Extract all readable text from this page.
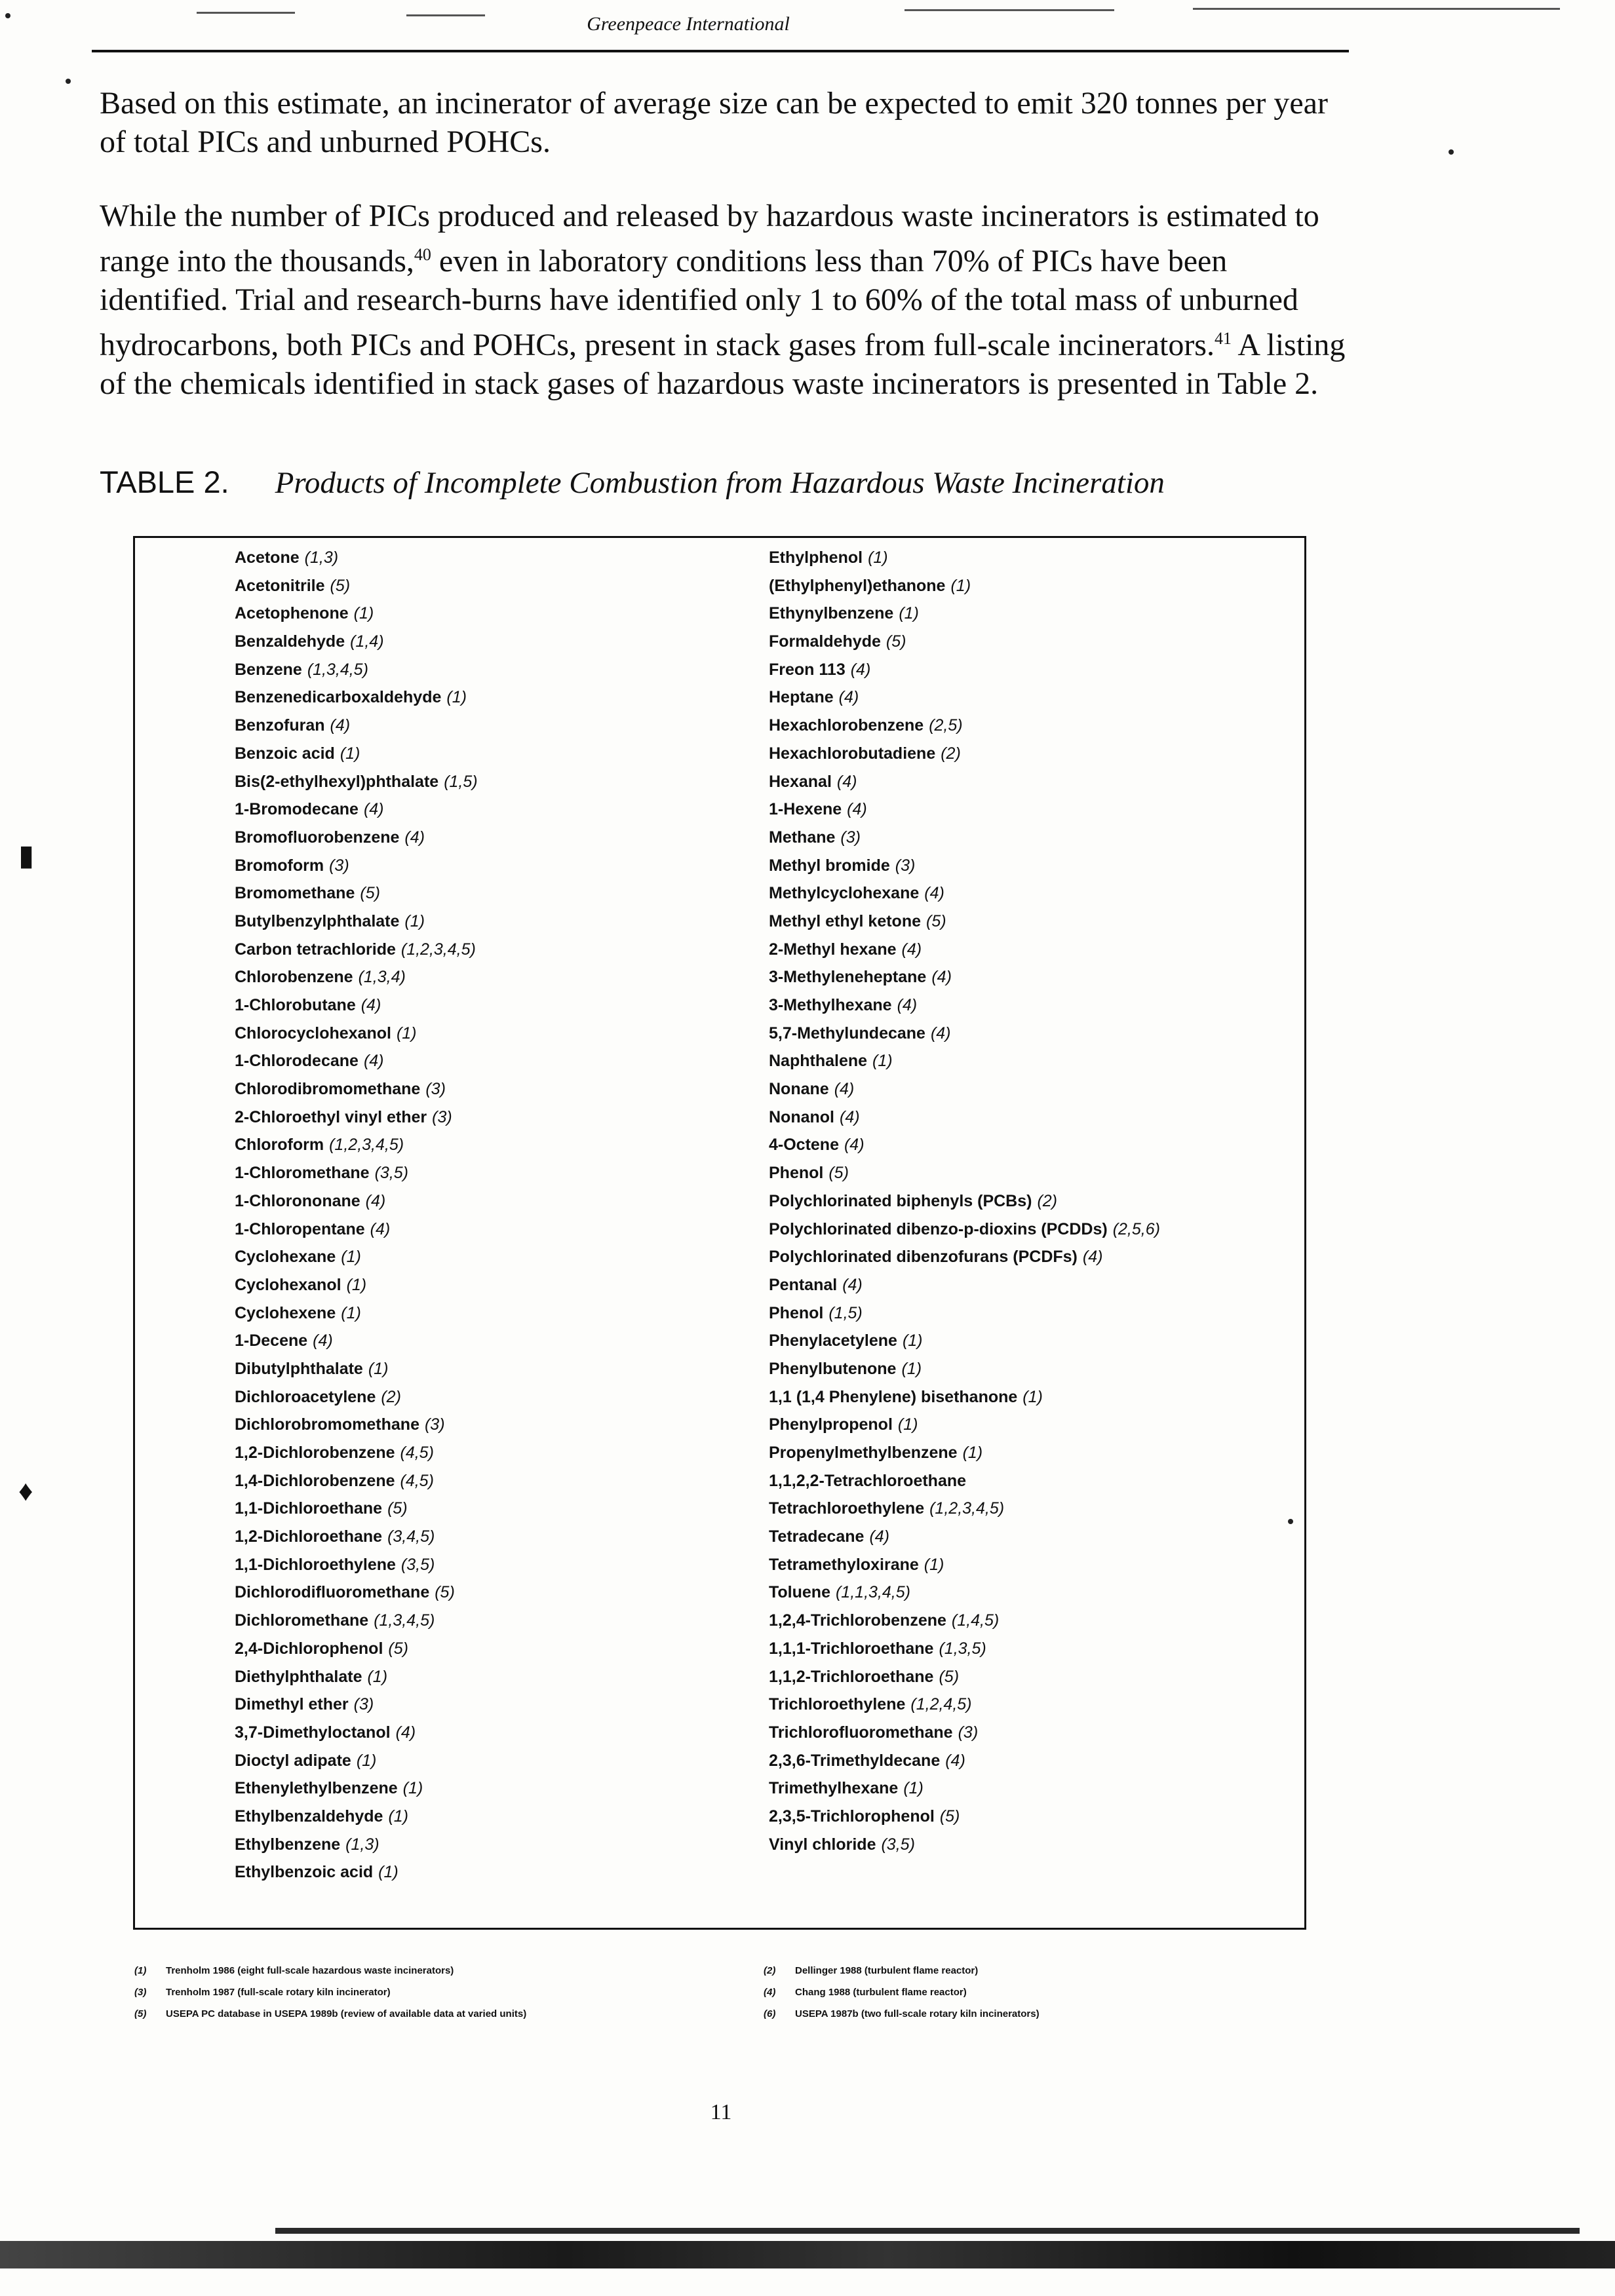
Greenpeace International

Based on this estimate, an incinerator of average size can be expected to emit 320 tonnes per year of total PICs and unburned POHCs.

While the number of PICs produced and released by hazardous waste incinerators is estimated to range into the thousands,$^{40}$ even in laboratory conditions less than 70% of PICs have been identified. Trial and research-burns have identified only 1 to 60% of the total mass of unburned hydrocarbons, both PICs and POHCs, present in stack gases from full-scale incinerators.$^{41}$ A listing of the chemicals identified in stack gases of hazardous waste incinerators is presented in Table 2.

TABLE 2. Products of Incomplete Combustion from Hazardous Waste Incineration
Acetone (1,3)
Acetonitrile (5)
Acetophenone (1)
Benzaldehyde (1,4)
Benzene (1,3,4,5)
Benzenedicarboxaldehyde (1)
Benzofuran (4)
Benzoic acid (1)
Bis(2-ethylhexyl)phthalate (1,5)
1-Bromodecane (4)
Bromofluorobenzene (4)
Bromoform (3)
Bromomethane (5)
Butylbenzylphthalate (1)
Carbon tetrachloride (1,2,3,4,5)
Chlorobenzene (1,3,4)
1-Chlorobutane (4)
Chlorocyclohexanol (1)
1-Chlorodecane (4)
Chlorodibromomethane (3)
2-Chloroethyl vinyl ether (3)
Chloroform (1,2,3,4,5)
1-Chloromethane (3,5)
1-Chlorononane (4)
1-Chloropentane (4)
Cyclohexane (1)
Cyclohexanol (1)
Cyclohexene (1)
1-Decene (4)
Dibutylphthalate (1)
Dichloroacetylene (2)
Dichlorobromomethane (3)
1,2-Dichlorobenzene (4,5)
1,4-Dichlorobenzene (4,5)
1,1-Dichloroethane (5)
1,2-Dichloroethane (3,4,5)
1,1-Dichloroethylene (3,5)
Dichlorodifluoromethane (5)
Dichloromethane (1,3,4,5)
2,4-Dichlorophenol (5)
Diethylphthalate (1)
Dimethyl ether (3)
3,7-Dimethyloctanol (4)
Dioctyl adipate (1)
Ethenylethylbenzene (1)
Ethylbenzaldehyde (1)
Ethylbenzene (1,3)
Ethylbenzoic acid (1)
Ethylphenol (1)
(Ethylphenyl)ethanone (1)
Ethynylbenzene (1)
Formaldehyde (5)
Freon 113 (4)
Heptane (4)
Hexachlorobenzene (2,5)
Hexachlorobutadiene (2)
Hexanal (4)
1-Hexene (4)
Methane (3)
Methyl bromide (3)
Methylcyclohexane (4)
Methyl ethyl ketone (5)
2-Methyl hexane (4)
3-Methyleneheptane (4)
3-Methylhexane (4)
5,7-Methylundecane (4)
Naphthalene (1)
Nonane (4)
Nonanol (4)
4-Octene (4)
Phenol (5)
Polychlorinated biphenyls (PCBs) (2)
Polychlorinated dibenzo-p-dioxins (PCDDs) (2,5,6)
Polychlorinated dibenzofurans (PCDFs) (4)
Pentanal (4)
Phenol (1,5)
Phenylacetylene (1)
Phenylbutenone (1)
1,1 (1,4 Phenylene) bisethanone (1)
Phenylpropenol (1)
Propenylmethylbenzene (1)
1,1,2,2-Tetrachloroethane
Tetrachloroethylene (1,2,3,4,5)
Tetradecane (4)
Tetramethyloxirane (1)
Toluene (1,1,3,4,5)
1,2,4-Trichlorobenzene (1,4,5)
1,1,1-Trichloroethane (1,3,5)
1,1,2-Trichloroethane (5)
Trichloroethylene (1,2,4,5)
Trichlorofluoromethane (3)
2,3,6-Trimethyldecane (4)
Trimethylhexane (1)
2,3,5-Trichlorophenol (5)
Vinyl chloride (3,5)
▮
♦

(1) Trenholm 1986 (eight full-scale hazardous waste incinerators)

(3) Trenholm 1987 (full-scale rotary kiln incinerator)

(5) USEPA PC database in USEPA 1989b (review of available data at varied units)

(2) Dellinger 1988 (turbulent flame reactor)

(4) Chang 1988 (turbulent flame reactor)

(6) USEPA 1987b (two full-scale rotary kiln incinerators)

11
